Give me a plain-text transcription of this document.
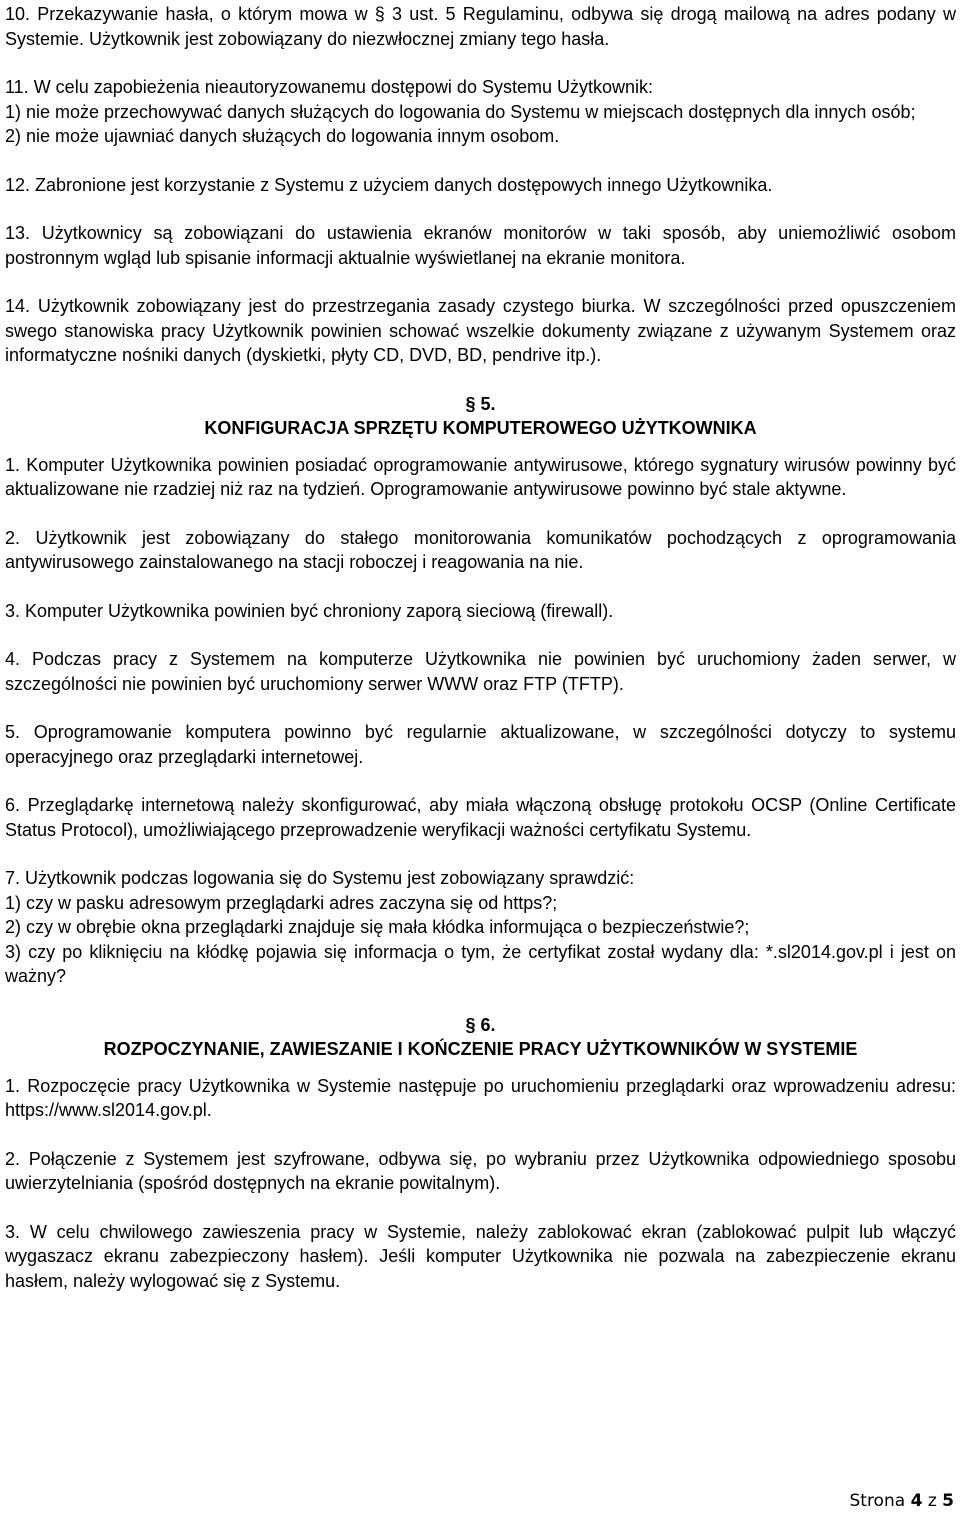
10. Przekazywanie hasła, o którym mowa w § 3 ust. 5 Regulaminu, odbywa się drogą mailową na adres podany w Systemie. Użytkownik jest zobowiązany do niezwłocznej zmiany tego hasła.

11. W celu zapobieżenia nieautoryzowanemu dostępowi do Systemu Użytkownik:

1) nie może przechowywać danych służących do logowania do Systemu w miejscach dostępnych dla innych osób;

2) nie może ujawniać danych służących do logowania innym osobom.

12. Zabronione jest korzystanie z Systemu z użyciem danych dostępowych innego Użytkownika.

13. Użytkownicy są zobowiązani do ustawienia ekranów monitorów w taki sposób, aby uniemożliwić osobom postronnym wgląd lub spisanie informacji aktualnie wyświetlanej na ekranie monitora.

14. Użytkownik zobowiązany jest do przestrzegania zasady czystego biurka. W szczególności przed opuszczeniem swego stanowiska pracy Użytkownik powinien schować wszelkie dokumenty związane z używanym Systemem oraz informatyczne nośniki danych (dyskietki, płyty CD, DVD, BD, pendrive itp.).

§ 5.

KONFIGURACJA SPRZĘTU KOMPUTEROWEGO UŻYTKOWNIKA

1. Komputer Użytkownika powinien posiadać oprogramowanie antywirusowe, którego sygnatury wirusów powinny być aktualizowane nie rzadziej niż raz na tydzień. Oprogramowanie antywirusowe powinno być stale aktywne.

2. Użytkownik jest zobowiązany do stałego monitorowania komunikatów pochodzących z oprogramowania antywirusowego zainstalowanego na stacji roboczej i reagowania na nie.

3. Komputer Użytkownika powinien być chroniony zaporą sieciową (firewall).

4. Podczas pracy z Systemem na komputerze Użytkownika nie powinien być uruchomiony żaden serwer, w szczególności nie powinien być uruchomiony serwer WWW oraz FTP (TFTP).

5. Oprogramowanie komputera powinno być regularnie aktualizowane, w szczególności dotyczy to systemu operacyjnego oraz przeglądarki internetowej.

6. Przeglądarkę internetową należy skonfigurować, aby miała włączoną obsługę protokołu OCSP (Online Certificate Status Protocol), umożliwiającego przeprowadzenie weryfikacji ważności certyfikatu Systemu.

7. Użytkownik podczas logowania się do Systemu jest zobowiązany sprawdzić:

1) czy w pasku adresowym przeglądarki adres zaczyna się od https?;

2) czy w obrębie okna przeglądarki znajduje się mała kłódka informująca o bezpieczeństwie?;

3) czy po kliknięciu na kłódkę pojawia się informacja o tym, że certyfikat został wydany dla: *.sl2014.gov.pl i jest on ważny?

§ 6.

ROZPOCZYNANIE, ZAWIESZANIE I KOŃCZENIE PRACY UŻYTKOWNIKÓW W SYSTEMIE

1. Rozpoczęcie pracy Użytkownika w Systemie następuje po uruchomieniu przeglądarki oraz wprowadzeniu adresu: https://www.sl2014.gov.pl.

2. Połączenie z Systemem jest szyfrowane, odbywa się, po wybraniu przez Użytkownika odpowiedniego sposobu uwierzytelniania (spośród dostępnych na ekranie powitalnym).

3. W celu chwilowego zawieszenia pracy w Systemie, należy zablokować ekran (zablokować pulpit lub włączyć wygaszacz ekranu zabezpieczony hasłem). Jeśli komputer Użytkownika nie pozwala na zabezpieczenie ekranu hasłem, należy wylogować się z Systemu.

Strona 4 z 5
